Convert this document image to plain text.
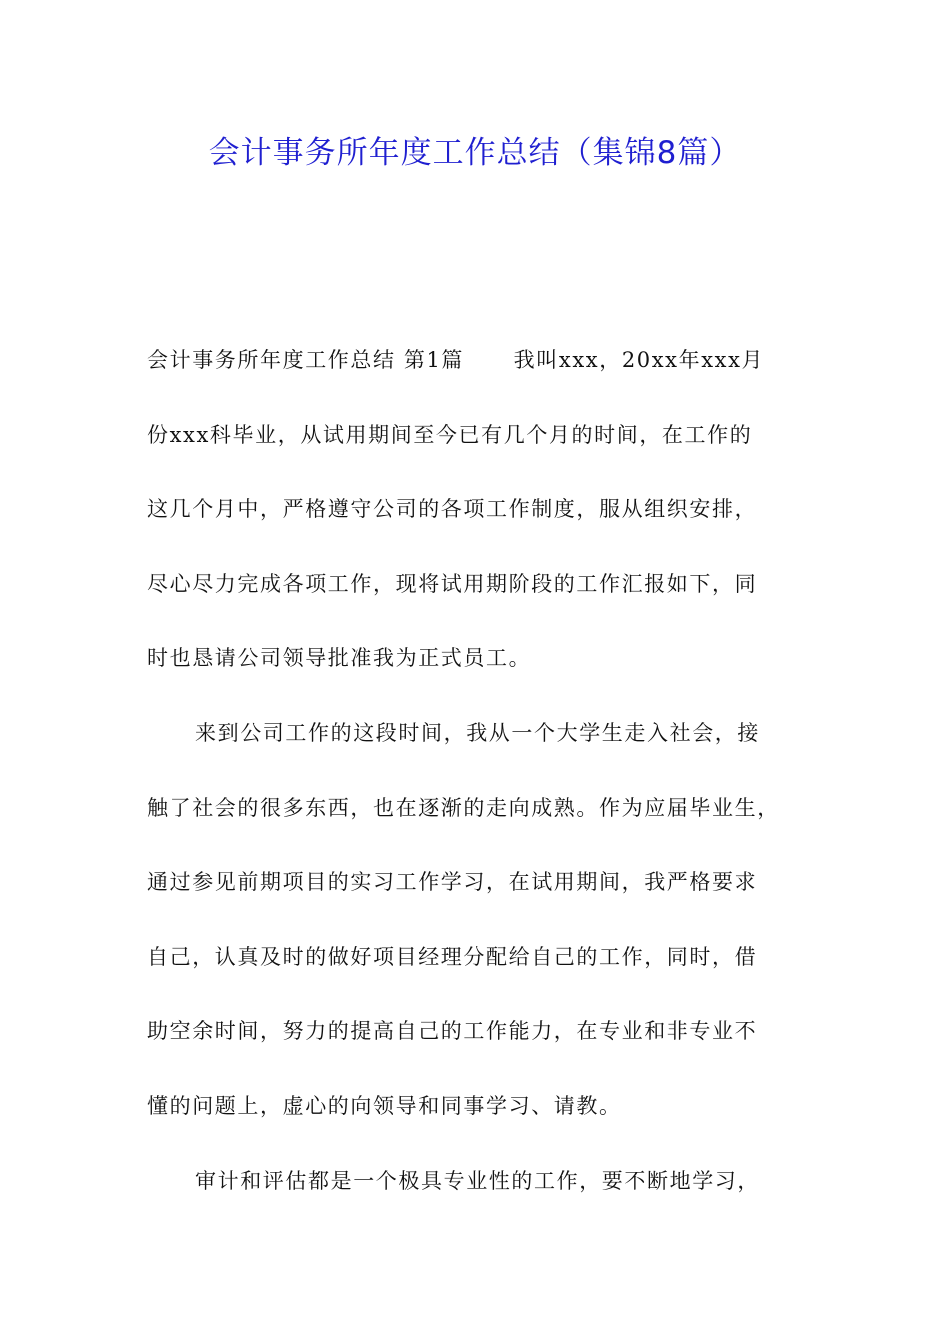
会计事务所年度工作总结（集锦8篇）
会计事务所年度工作总结 第1篇      我叫xxx，20xx年xxx月
份xxx科毕业，从试用期间至今已有几个月的时间，在工作的
这几个月中，严格遵守公司的各项工作制度，服从组织安排，
尽心尽力完成各项工作，现将试用期阶段的工作汇报如下，同
时也恳请公司领导批准我为正式员工。
来到公司工作的这段时间，我从一个大学生走入社会，接
触了社会的很多东西，也在逐渐的走向成熟。作为应届毕业生，
通过参见前期项目的实习工作学习，在试用期间，我严格要求
自己，认真及时的做好项目经理分配给自己的工作，同时，借
助空余时间，努力的提高自己的工作能力，在专业和非专业不
懂的问题上，虚心的向领导和同事学习、请教。
审计和评估都是一个极具专业性的工作，要不断地学习，
